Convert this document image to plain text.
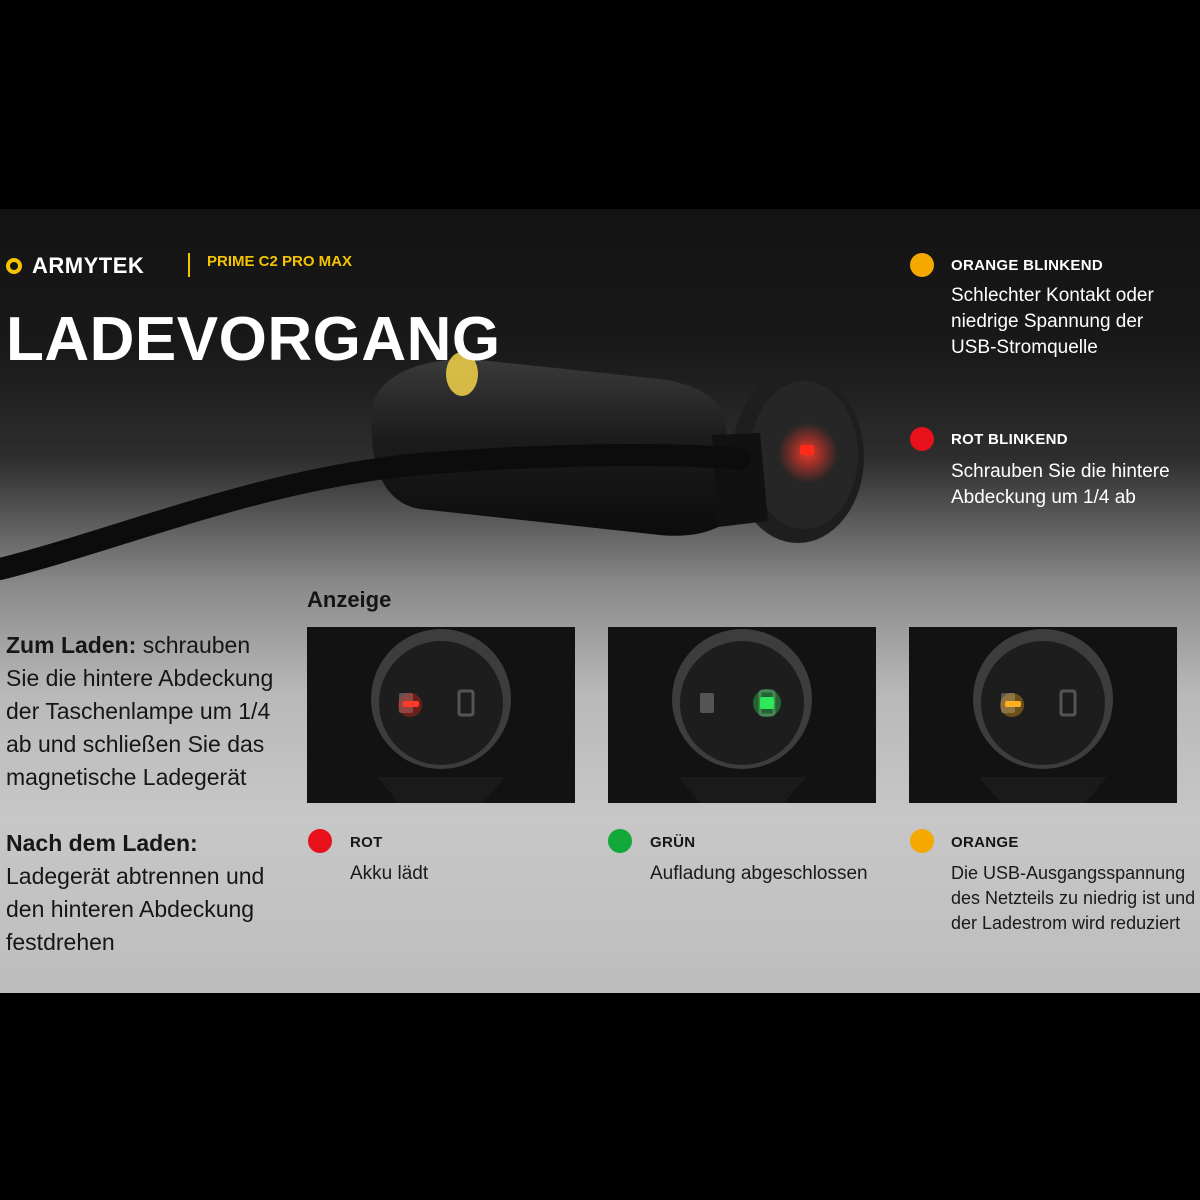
ARMYTEK	PRIME C2 PRO MAX
LADEVORGANG
ORANGE BLINKEND
Schlechter Kontakt oder
niedrige Spannung der
USB-Stromquelle
ROT BLINKEND
Schrauben Sie die hintere
Abdeckung um 1/4 ab
Anzeige
ROT
Akku lädt
GRÜN
Aufladung abgeschlossen
ORANGE
Die USB-Ausgangsspannung
des Netzteils zu niedrig ist und
der Ladestrom wird reduziert
Zum Laden: schrauben
Sie die hintere Abdeckung
der Taschenlampe um 1/4
ab und schließen Sie das
magnetische Ladegerät
Nach dem Laden:
Ladegerät abtrennen und
den hinteren Abdeckung
festdrehen
